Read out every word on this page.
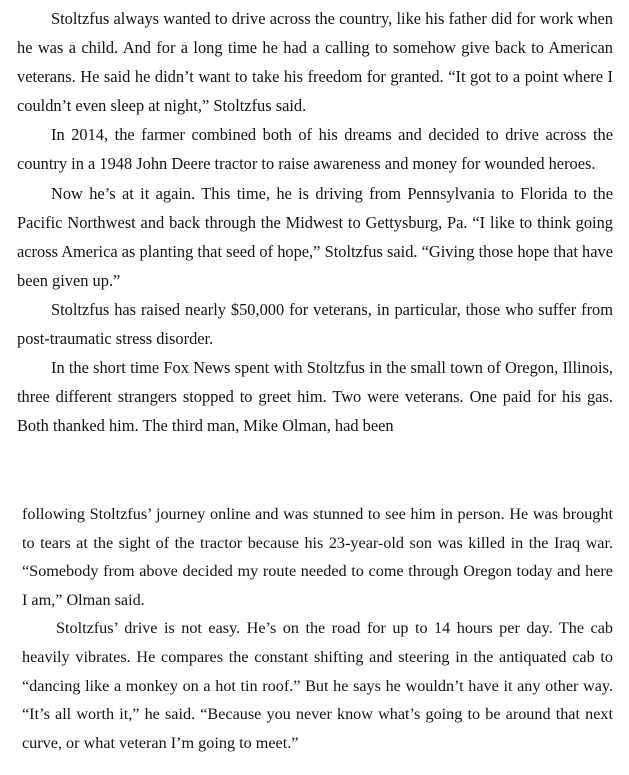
Stoltzfus always wanted to drive across the country, like his father did for work when he was a child. And for a long time he had a calling to somehow give back to American veterans. He said he didn’t want to take his freedom for granted. “It got to a point where I couldn’t even sleep at night,” Stoltzfus said.

In 2014, the farmer combined both of his dreams and decided to drive across the country in a 1948 John Deere tractor to raise awareness and money for wounded heroes.

Now he’s at it again. This time, he is driving from Pennsylvania to Florida to the Pacific Northwest and back through the Midwest to Gettysburg, Pa. “I like to think going across America as planting that seed of hope,” Stoltzfus said. “Giving those hope that have been given up.”

Stoltzfus has raised nearly $50,000 for veterans, in particular, those who suffer from post-traumatic stress disorder.

In the short time Fox News spent with Stoltzfus in the small town of Oregon, Illinois, three different strangers stopped to greet him. Two were veterans. One paid for his gas. Both thanked him. The third man, Mike Olman, had been

following Stoltzfus’ journey online and was stunned to see him in person. He was brought to tears at the sight of the tractor because his 23-year-old son was killed in the Iraq war. “Somebody from above decided my route needed to come through Oregon today and here I am,” Olman said.

Stoltzfus’ drive is not easy. He’s on the road for up to 14 hours per day. The cab heavily vibrates. He compares the constant shifting and steering in the antiquated cab to “dancing like a monkey on a hot tin roof.” But he says he wouldn’t have it any other way. “It’s all worth it,” he said. “Because you never know what’s going to be around that next curve, or what veteran I’m going to meet.”
